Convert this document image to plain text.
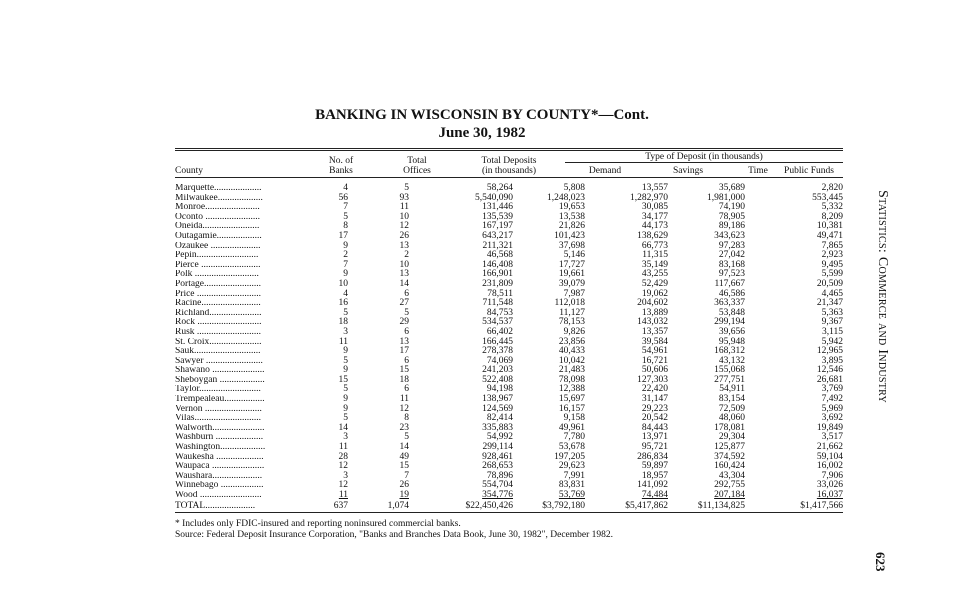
BANKING IN WISCONSIN BY COUNTY*—Cont.
June 30, 1982
County
No. of
Banks
Total
Offices
Total Deposits
(in thousands)
Type of Deposit (in thousands)
Demand	Savings	Time	Public Funds
Marquette....................	4	5	58,264	5,808	13,557	35,689	2,820
Milwaukee...................	56	93	5,540,090	1,248,023	1,282,970	1,981,000	553,445
Monroe.......................	7	11	131,446	19,653	30,085	74,190	5,332
Oconto .......................	5	10	135,539	13,538	34,177	78,905	8,209
Oneida........................	8	12	167,197	21,826	44,173	89,186	10,381
Outagamie...................	17	26	643,217	101,423	138,629	343,623	49,471
Ozaukee .....................	9	13	211,321	37,698	66,773	97,283	7,865
Pepin..........................	2	2	46,568	5,146	11,315	27,042	2,923
Pierce .........................	7	10	146,408	17,727	35,149	83,168	9,495
Polk ...........................	9	13	166,901	19,661	43,255	97,523	5,599
Portage........................	10	14	231,809	39,079	52,429	117,667	20,509
Price ...........................	4	6	78,511	7,987	19,062	46,586	4,465
Racine.........................	16	27	711,548	112,018	204,602	363,337	21,347
Richland......................	5	5	84,753	11,127	13,889	53,848	5,363
Rock ...........................	18	29	534,537	78,153	143,032	299,194	9,367
Rusk ...........................	3	6	66,402	9,826	13,357	39,656	3,115
St. Croix......................	11	13	166,445	23,856	39,584	95,948	5,942
Sauk............................	9	17	278,378	40,433	54,961	168,312	12,965
Sawyer ........................	5	6	74,069	10,042	16,721	43,132	3,895
Shawano ......................	9	15	241,203	21,483	50,606	155,068	12,546
Sheboygan ...................	15	18	522,408	78,098	127,303	277,751	26,681
Taylor..........................	5	6	94,198	12,388	22,420	54,911	3,769
Trempealeau.................	9	11	138,967	15,697	31,147	83,154	7,492
Vernon ........................	9	12	124,569	16,157	29,223	72,509	5,969
Vilas............................	5	8	82,414	9,158	20,542	48,060	3,692
Walworth......................	14	23	335,883	49,961	84,443	178,081	19,849
Washburn ....................	3	5	54,992	7,780	13,971	29,304	3,517
Washington...................	11	14	299,114	53,678	95,721	125,877	21,662
Waukesha ....................	28	49	928,461	197,205	286,834	374,592	59,104
Waupaca ......................	12	15	268,653	29,623	59,897	160,424	16,002
Waushara.....................	3	7	78,896	7,991	18,957	43,304	7,906
Winnebago ..................	12	26	554,704	83,831	141,092	292,755	33,026
Wood ..........................	11	19	354,776	53,769	74,484	207,184	16,037
TOTAL.....................	637	1,074	$22,450,426	$3,792,180	$5,417,862	$11,134,825	$1,417,566
* Includes only FDIC-insured and reporting noninsured commercial banks.
Source: Federal Deposit Insurance Corporation, "Banks and Branches Data Book, June 30, 1982", December 1982.
Statistics: Commerce and Industry
623
